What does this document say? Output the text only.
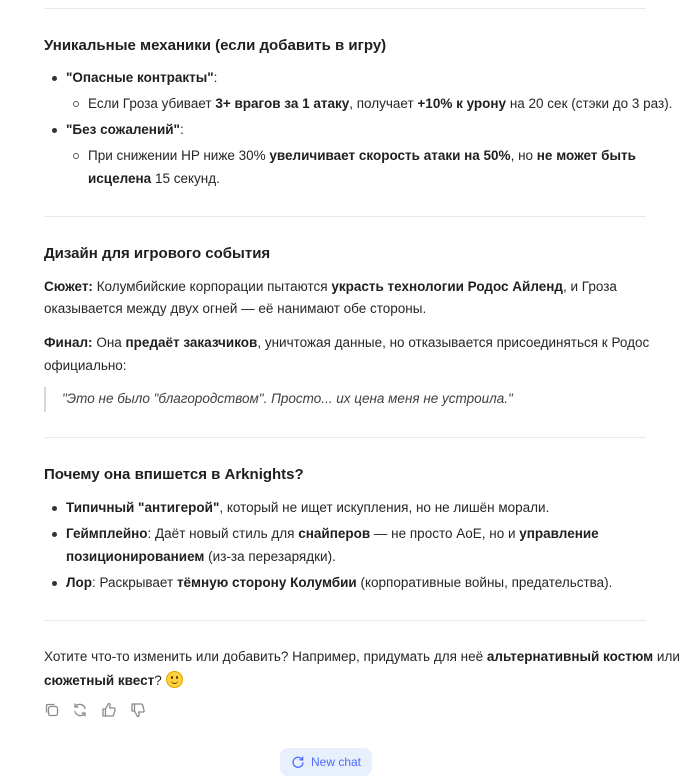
Уникальные механики (если добавить в игру)
"Опасные контракты":
Если Гроза убивает 3+ врагов за 1 атаку, получает +10% к урону на 20 сек (стэки до 3 раз).
"Без сожалений":
При снижении HP ниже 30% увеличивает скорость атаки на 50%, но не может быть
исцелена 15 секунд.
Дизайн для игрового события
Сюжет: Колумбийские корпорации пытаются украсть технологии Родос Айленд, и Гроза
оказывается между двух огней — её нанимают обе стороны.
Финал: Она предаёт заказчиков, уничтожая данные, но отказывается присоединяться к Родос
официально:
"Это не было "благородством". Просто... их цена меня не устроила."
Почему она впишется в Arknights?
Типичный "антигерой", который не ищет искупления, но не лишён морали.
Геймплейно: Даёт новый стиль для снайперов — не просто AoE, но и управление
позиционированием (из-за перезарядки).
Лор: Раскрывает тёмную сторону Колумбии (корпоративные войны, предательства).
Хотите что-то изменить или добавить? Например, придумать для неё альтернативный костюм или
сюжетный квест?
New chat
